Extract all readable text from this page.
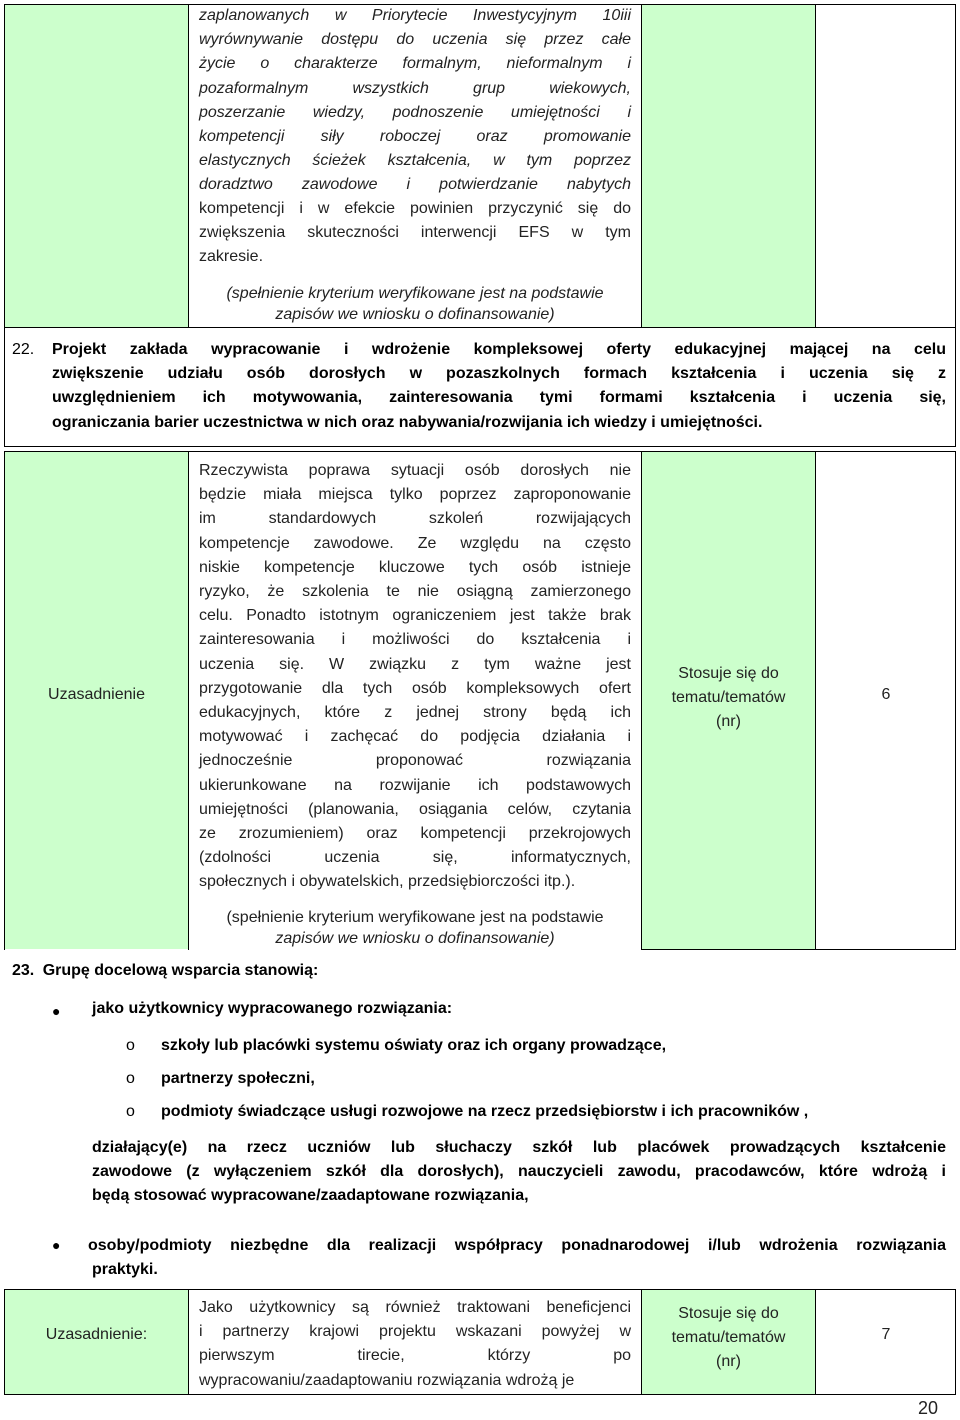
zaplanowanych w Priorytecie Inwestycyjnym 10iii
wyrównywanie dostępu do uczenia się przez całe
życie o charakterze formalnym, nieformalnym i
pozaformalnym wszystkich grup wiekowych,
poszerzanie wiedzy, podnoszenie umiejętności i
kompetencji siły roboczej oraz promowanie
elastycznych ścieżek kształcenia, w tym poprzez
doradztwo zawodowe i potwierdzanie nabytych
kompetencji i w efekcie powinien przyczynić się do
zwiększenia skuteczności interwencji EFS w tym
zakresie.
(spełnienie kryterium weryfikowane jest na podstawie
zapisów we wniosku o dofinansowanie)
22.	Projekt zakłada wypracowanie i wdrożenie kompleksowej oferty edukacyjnej mającej na celu
zwiększenie udziału osób dorosłych w pozaszkolnych formach kształcenia i uczenia się z
uwzględnieniem ich motywowania, zainteresowania tymi formami kształcenia i uczenia się,
ograniczania barier uczestnictwa w nich oraz nabywania/rozwijania ich wiedzy i umiejętności.
Uzasadnienie
Rzeczywista poprawa sytuacji osób dorosłych nie
będzie miała miejsca tylko poprzez zaproponowanie
im standardowych szkoleń rozwijających
kompetencje zawodowe. Ze względu na często
niskie kompetencje kluczowe tych osób istnieje
ryzyko, że szkolenia te nie osiągną zamierzonego
celu. Ponadto istotnym ograniczeniem jest także brak
zainteresowania i możliwości do kształcenia i
uczenia się. W związku z tym ważne jest
przygotowanie dla tych osób kompleksowych ofert
edukacyjnych, które z jednej strony będą ich
motywować i zachęcać do podjęcia działania i
jednocześnie proponować rozwiązania
ukierunkowane na rozwijanie ich podstawowych
umiejętności (planowania, osiągania celów, czytania
ze zrozumieniem) oraz kompetencji przekrojowych
(zdolności uczenia się, informatycznych,
społecznych i obywatelskich, przedsiębiorczości itp.).
(spełnienie kryterium weryfikowane jest na podstawie
zapisów we wniosku o dofinansowanie)
Stosuje się do
tematu/tematów
(nr)
6
23. Grupę docelową wsparcia stanowią:
● jako użytkownicy wypracowanego rozwiązania:
o szkoły lub placówki systemu oświaty oraz ich organy prowadzące,
o partnerzy społeczni,
o podmioty świadczące usługi rozwojowe na rzecz przedsiębiorstw i ich pracowników ,
działający(e) na rzecz uczniów lub słuchaczy szkół lub placówek prowadzących kształcenie
zawodowe (z wyłączeniem szkół dla dorosłych), nauczycieli zawodu, pracodawców, które wdrożą i
będą stosować wypracowane/zaadaptowane rozwiązania,
● osoby/podmioty niezbędne dla realizacji współpracy ponadnarodowej i/lub wdrożenia rozwiązania
praktyki.
Uzasadnienie:
Jako użytkownicy są również traktowani beneficjenci
i partnerzy krajowi projektu wskazani powyżej w
pierwszym tirecie, którzy po
wypracowaniu/zaadaptowaniu rozwiązania wdrożą je
Stosuje się do
tematu/tematów
(nr)
7
20
